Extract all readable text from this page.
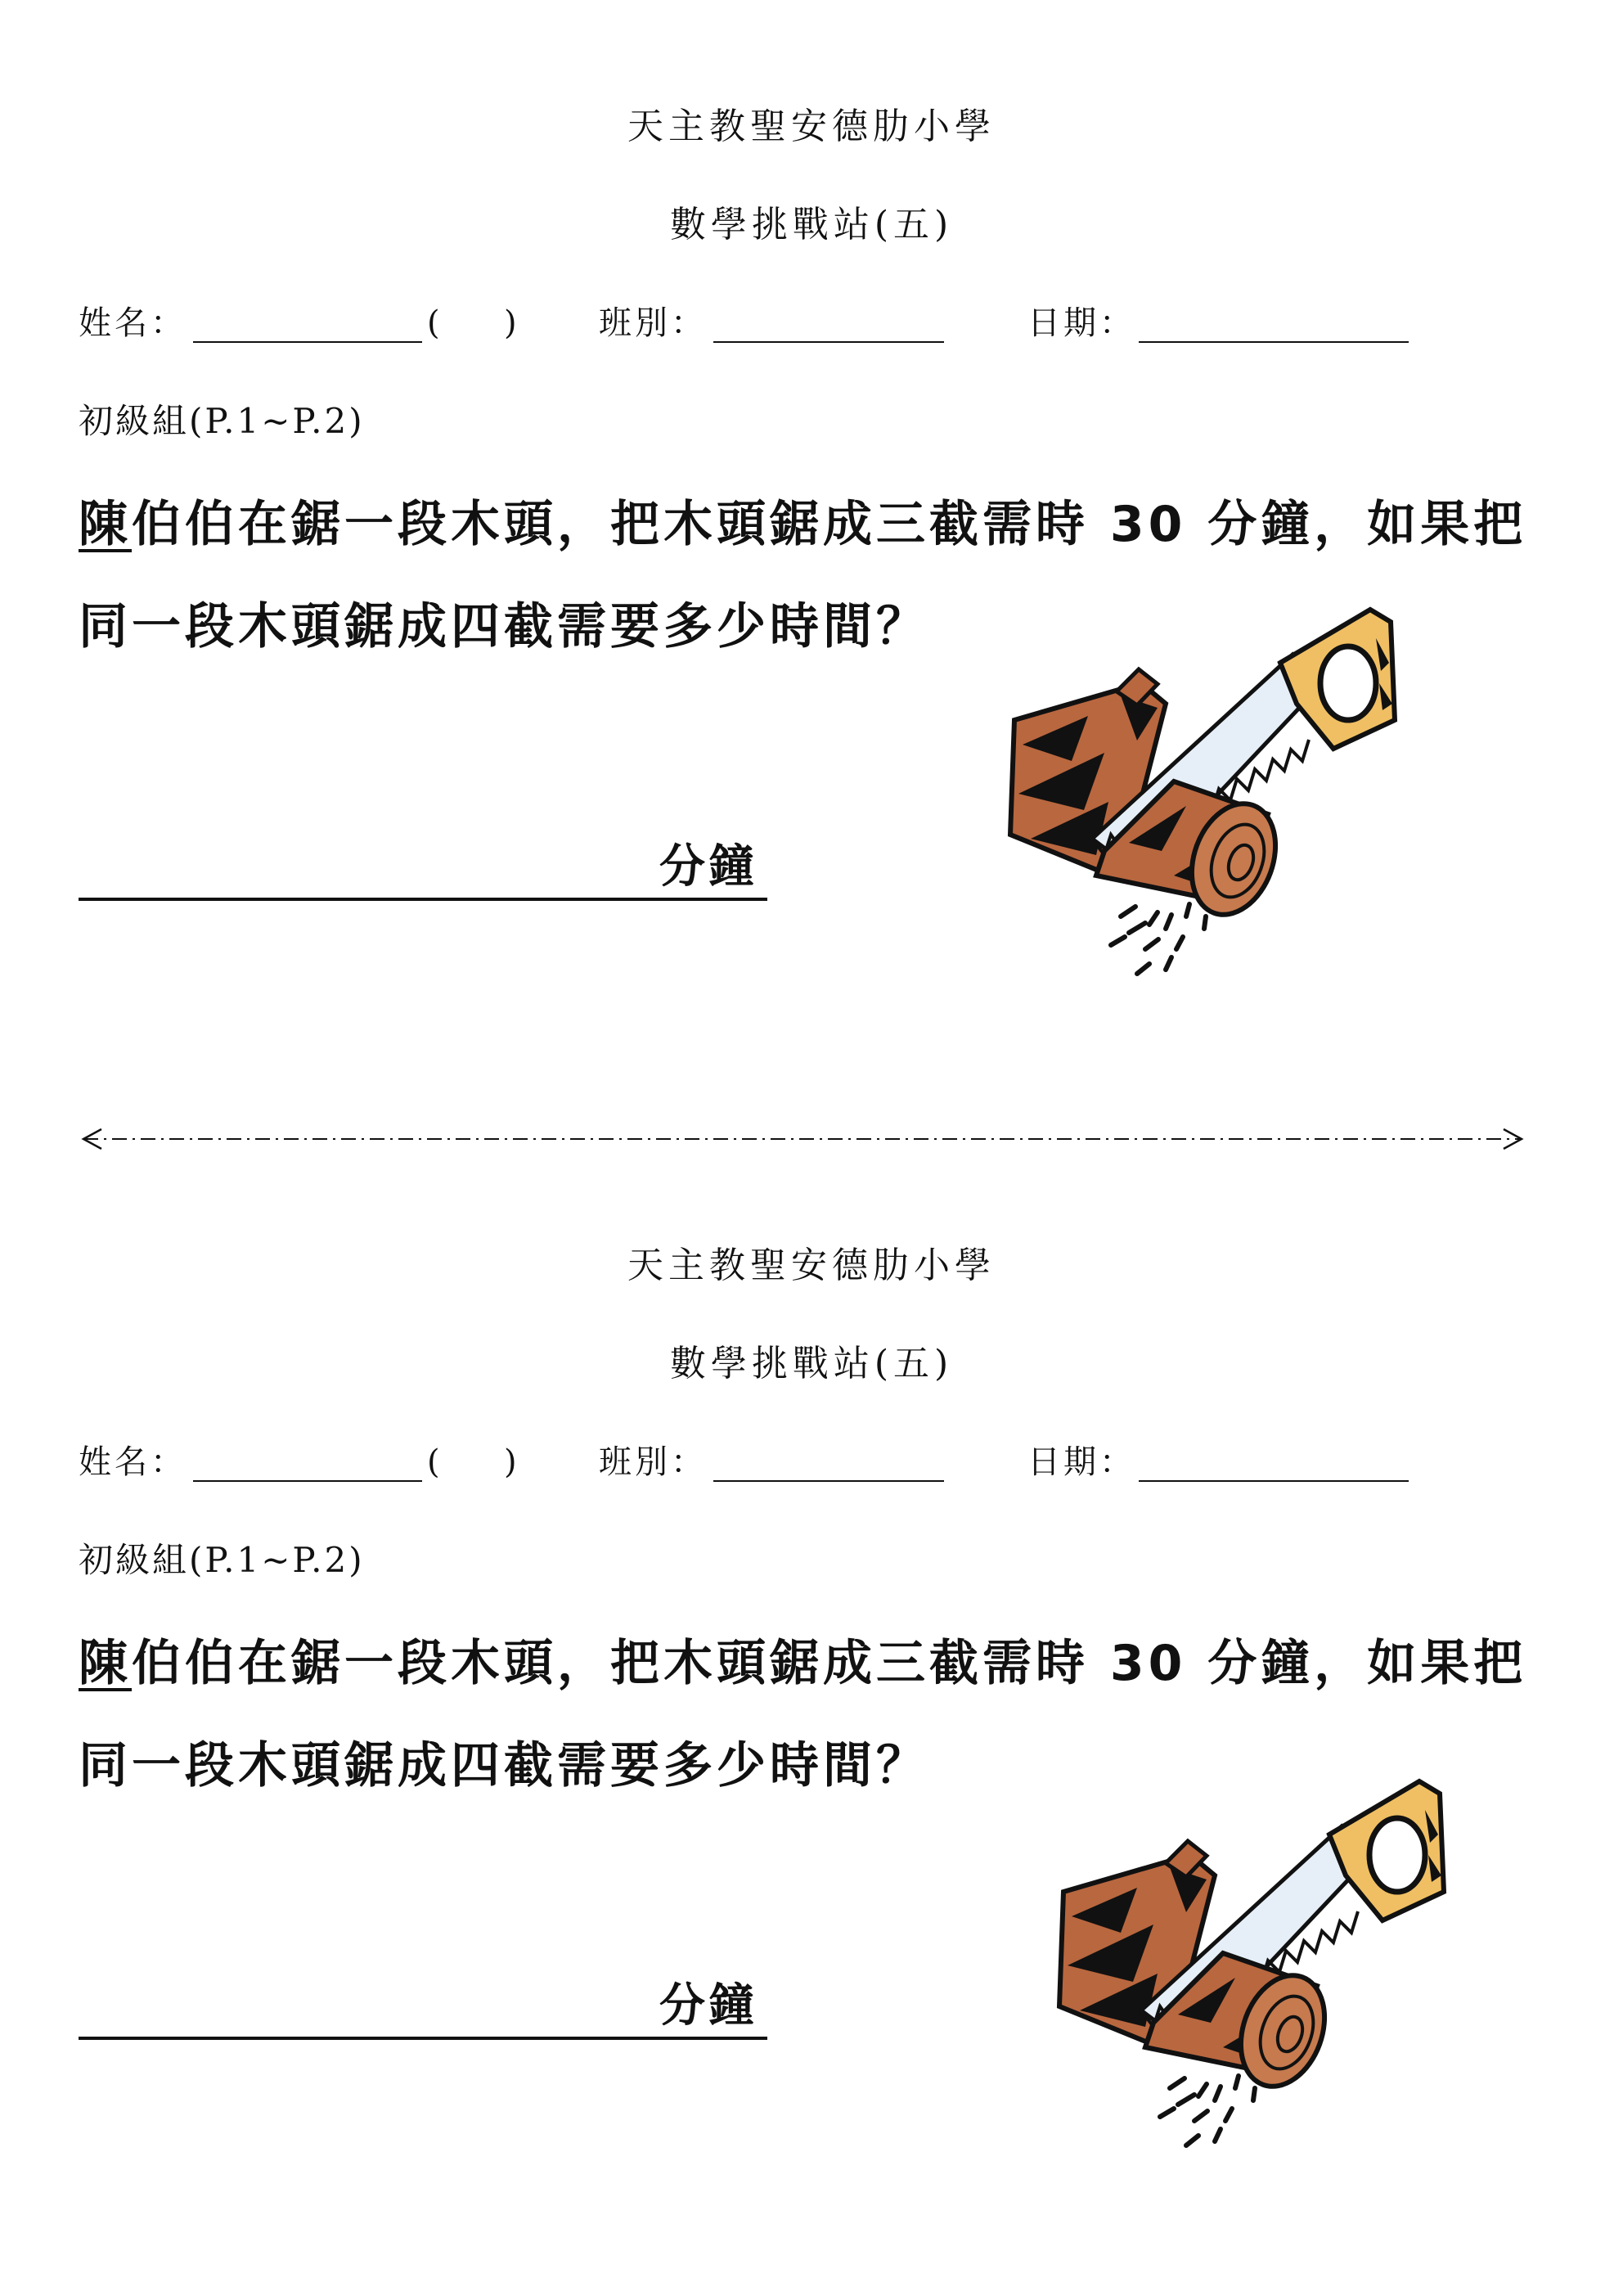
天主教聖安德肋小學
數學挑戰站(五)
姓名：	( )	班別：	日期：
初級組(P.1~P.2)
陳伯伯在鋸一段木頭，把木頭鋸成三截需時 30 分鐘，如果把
同一段木頭鋸成四截需要多少時間？
分鐘
天主教聖安德肋小學
數學挑戰站(五)
姓名：	( )	班別：	日期：
初級組(P.1~P.2)
陳伯伯在鋸一段木頭，把木頭鋸成三截需時 30 分鐘，如果把
同一段木頭鋸成四截需要多少時間？
分鐘
